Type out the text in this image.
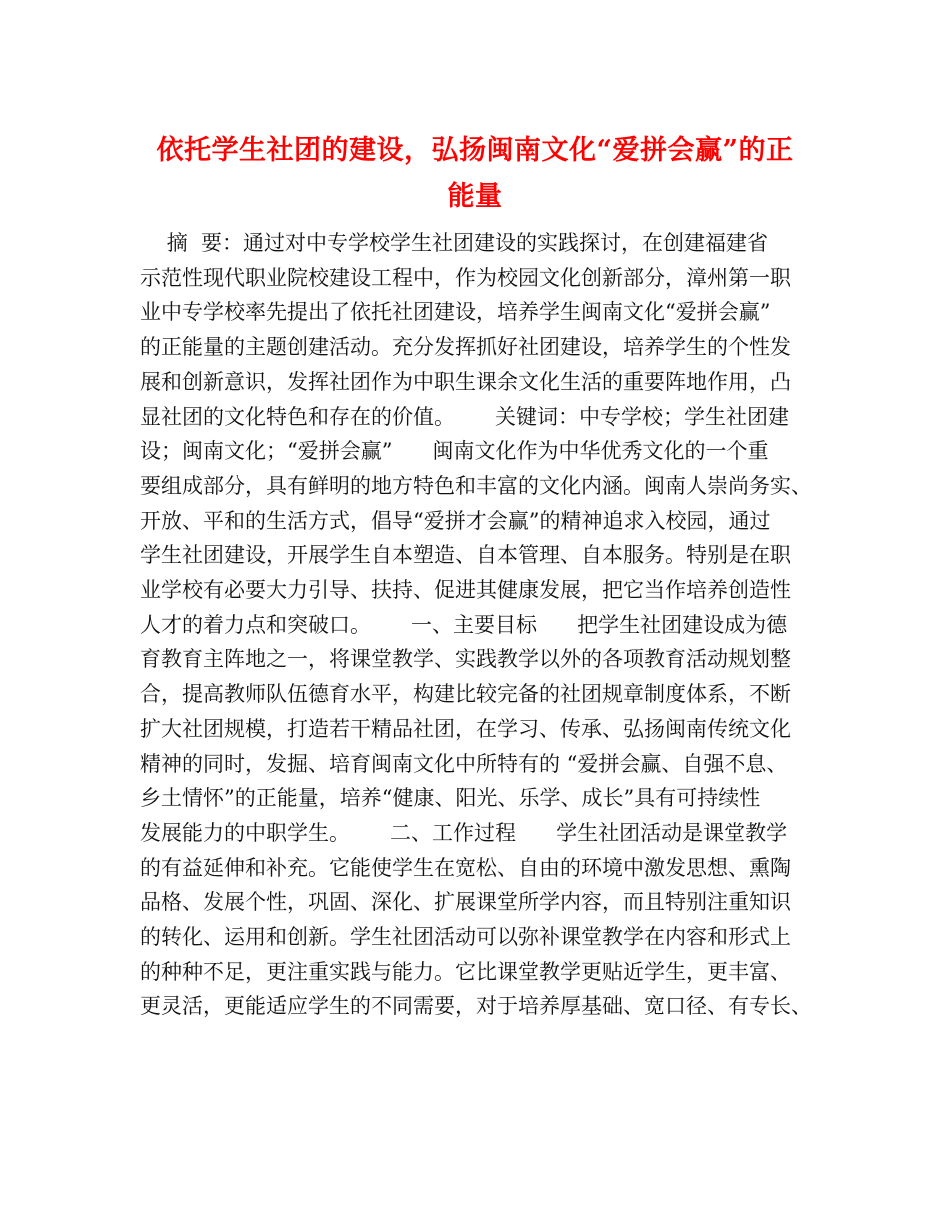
依托学生社团的建设，弘扬闽南文化“爱拼会赢”的正
能量
摘  要：通过对中专学校学生社团建设的实践探讨，在创建福建省
示范性现代职业院校建设工程中，作为校园文化创新部分，漳州第一职
业中专学校率先提出了依托社团建设，培养学生闽南文化“爱拼会赢”
的正能量的主题创建活动。充分发挥抓好社团建设，培养学生的个性发
展和创新意识，发挥社团作为中职生课余文化生活的重要阵地作用，凸
显社团的文化特色和存在的价值。      关键词：中专学校；学生社团建
设；闽南文化；“爱拼会赢”      闽南文化作为中华优秀文化的一个重
要组成部分，具有鲜明的地方特色和丰富的文化内涵。闽南人崇尚务实、
开放、平和的生活方式，倡导“爱拼才会赢”的精神追求入校园，通过
学生社团建设，开展学生自本塑造、自本管理、自本服务。特别是在职
业学校有必要大力引导、扶持、促进其健康发展，把它当作培养创造性
人才的着力点和突破口。      一、主要目标      把学生社团建设成为德
育教育主阵地之一，将课堂教学、实践教学以外的各项教育活动规划整
合，提高教师队伍德育水平，构建比较完备的社团规章制度体系，不断
扩大社团规模，打造若干精品社团，在学习、传承、弘扬闽南传统文化
精神的同时，发掘、培育闽南文化中所特有的 “爱拼会赢、自强不息、
乡土情怀”的正能量，培养“健康、阳光、乐学、成长”具有可持续性
发展能力的中职学生。      二、工作过程      学生社团活动是课堂教学
的有益延伸和补充。它能使学生在宽松、自由的环境中激发思想、熏陶
品格、发展个性，巩固、深化、扩展课堂所学内容，而且特别注重知识
的转化、运用和创新。学生社团活动可以弥补课堂教学在内容和形式上
的种种不足，更注重实践与能力。它比课堂教学更贴近学生，更丰富、
更灵活，更能适应学生的不同需要，对于培养厚基础、宽口径、有专长、
